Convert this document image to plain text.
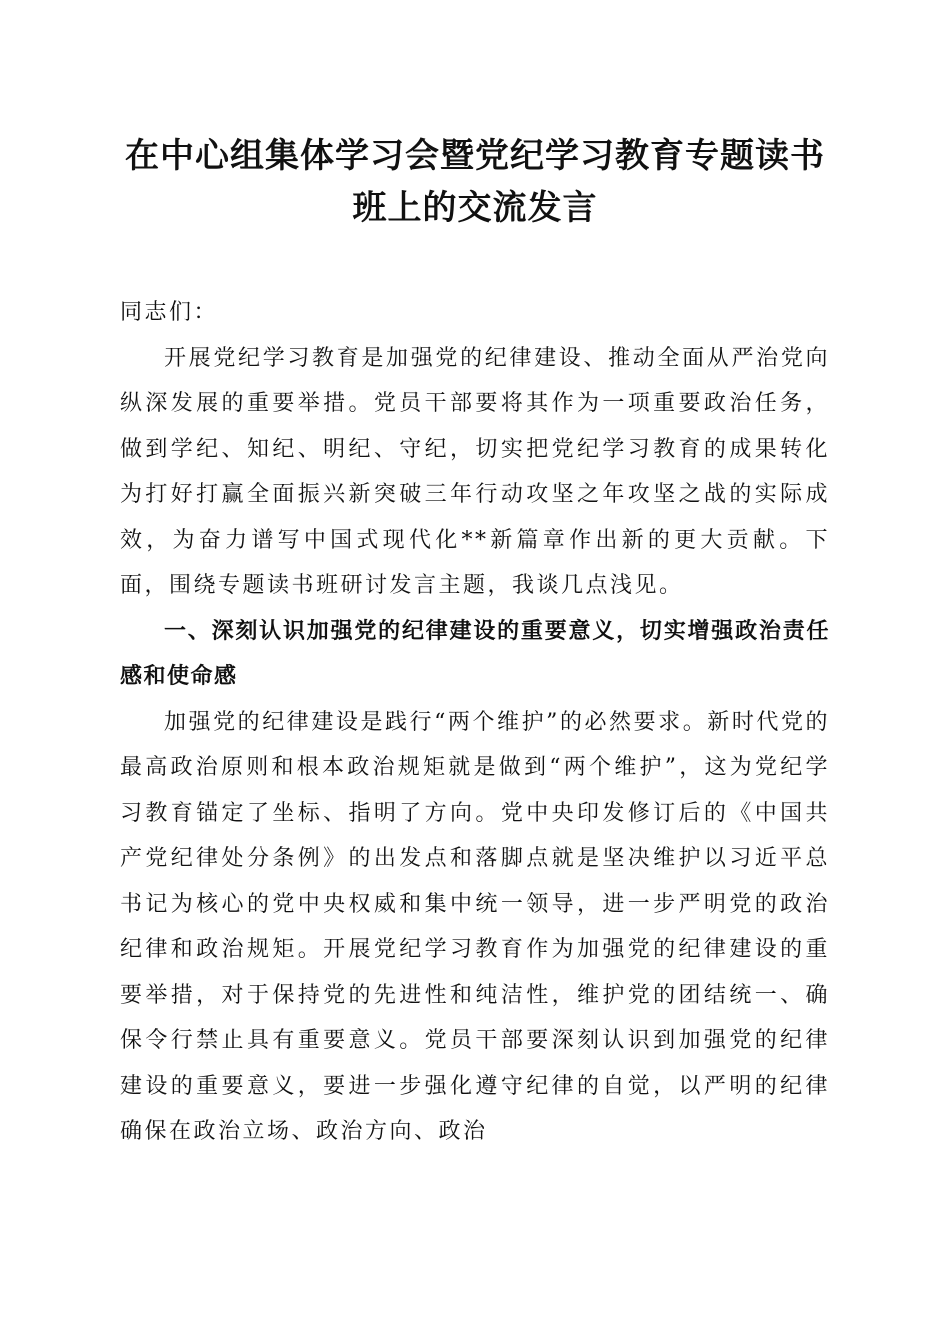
在中心组集体学习会暨党纪学习教育专题读书
班上的交流发言

同志们：

开展党纪学习教育是加强党的纪律建设、推动全面从严治党向纵深发展的重要举措。党员干部要将其作为一项重要政治任务，做到学纪、知纪、明纪、守纪，切实把党纪学习教育的成果转化为打好打赢全面振兴新突破三年行动攻坚之年攻坚之战的实际成效，为奋力谱写中国式现代化**新篇章作出新的更大贡献。下面，围绕专题读书班研讨发言主题，我谈几点浅见。

一、深刻认识加强党的纪律建设的重要意义，切实增强政治责任感和使命感

加强党的纪律建设是践行“两个维护”的必然要求。新时代党的最高政治原则和根本政治规矩就是做到“两个维护”，这为党纪学习教育锚定了坐标、指明了方向。党中央印发修订后的《中国共产党纪律处分条例》的出发点和落脚点就是坚决维护以习近平总书记为核心的党中央权威和集中统一领导，进一步严明党的政治纪律和政治规矩。开展党纪学习教育作为加强党的纪律建设的重要举措，对于保持党的先进性和纯洁性，维护党的团结统一、确保令行禁止具有重要意义。党员干部要深刻认识到加强党的纪律建设的重要意义，要进一步强化遵守纪律的自觉，以严明的纪律确保在政治立场、政治方向、政治
